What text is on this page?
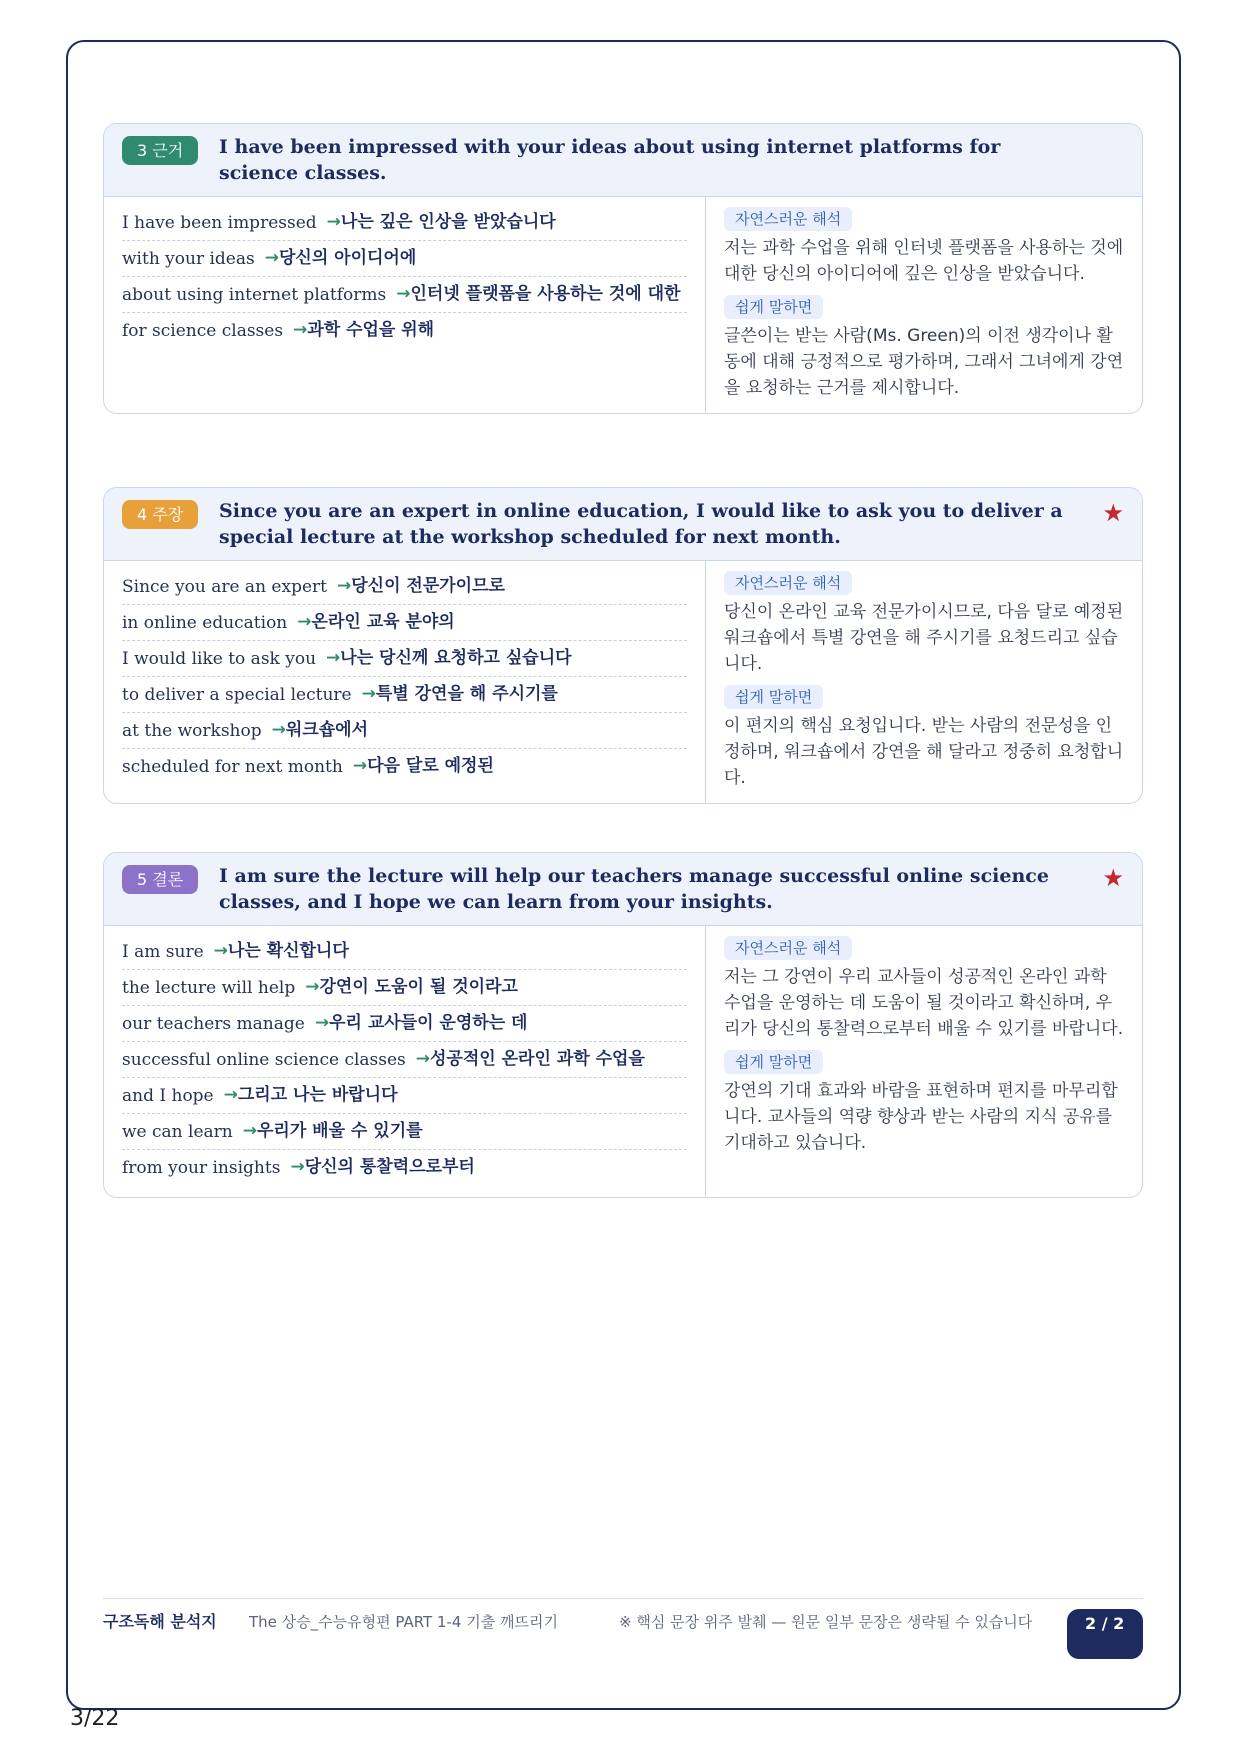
3 근거	I have been impressed with your ideas about using internet platforms for science classes.
I have been impressed →나는 깊은 인상을 받았습니다
with your ideas →당신의 아이디어에
about using internet platforms →인터넷 플랫폼을 사용하는 것에 대한
for science classes →과학 수업을 위해
자연스러운 해석

저는 과학 수업을 위해 인터넷 플랫폼을 사용하는 것에 대한 당신의 아이디어에 깊은 인상을 받았습니다.

쉽게 말하면

글쓴이는 받는 사람(Ms. Green)의 이전 생각이나 활동에 대해 긍정적으로 평가하며, 그래서 그녀에게 강연을 요청하는 근거를 제시합니다.

4 주장	Since you are an expert in online education, I would like to ask you to deliver a special lecture at the workshop scheduled for next month.
★
Since you are an expert →당신이 전문가이므로
in online education →온라인 교육 분야의
I would like to ask you →나는 당신께 요청하고 싶습니다
to deliver a special lecture →특별 강연을 해 주시기를
at the workshop →워크숍에서
scheduled for next month →다음 달로 예정된
자연스러운 해석

당신이 온라인 교육 전문가이시므로, 다음 달로 예정된 워크숍에서 특별 강연을 해 주시기를 요청드리고 싶습니다.

쉽게 말하면

이 편지의 핵심 요청입니다. 받는 사람의 전문성을 인정하며, 워크숍에서 강연을 해 달라고 정중히 요청합니다.

5 결론	I am sure the lecture will help our teachers manage successful online science classes, and I hope we can learn from your insights.
★
I am sure →나는 확신합니다
the lecture will help →강연이 도움이 될 것이라고
our teachers manage →우리 교사들이 운영하는 데
successful online science classes →성공적인 온라인 과학 수업을
and I hope →그리고 나는 바랍니다
we can learn →우리가 배울 수 있기를
from your insights →당신의 통찰력으로부터
자연스러운 해석

저는 그 강연이 우리 교사들이 성공적인 온라인 과학 수업을 운영하는 데 도움이 될 것이라고 확신하며, 우리가 당신의 통찰력으로부터 배울 수 있기를 바랍니다.

쉽게 말하면

강연의 기대 효과와 바람을 표현하며 편지를 마무리합니다. 교사들의 역량 향상과 받는 사람의 지식 공유를 기대하고 있습니다.

구조독해 분석지	The 상승_수능유형편 PART 1-4 기출 깨뜨리기	※ 핵심 문장 위주 발췌 — 원문 일부 문장은 생략될 수 있습니다	2 / 2
3/22
